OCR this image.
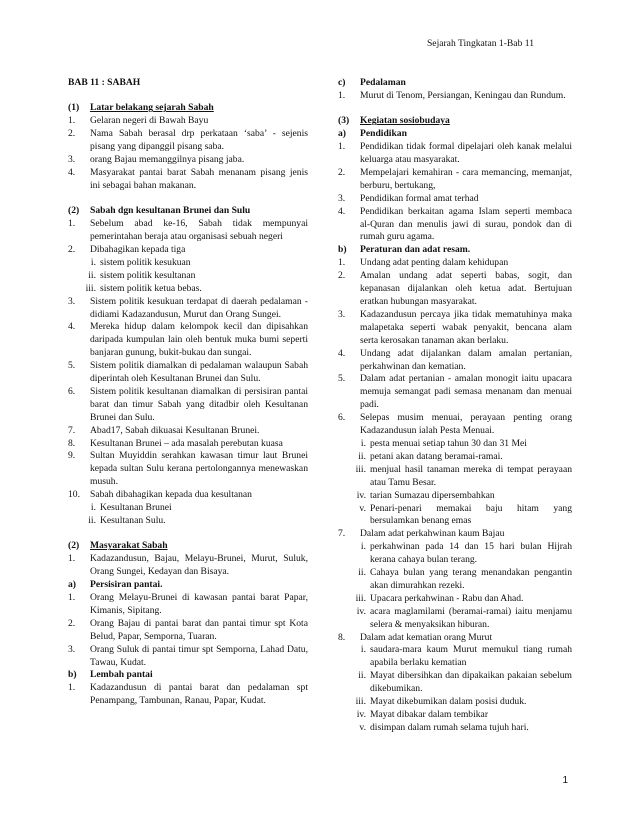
Sejarah Tingkatan 1-Bab 11
BAB 11 : SABAH
(1)	Latar belakang sejarah Sabah
1.	Gelaran negeri di Bawah Bayu
2.	Nama Sabah berasal drp perkataan ‘saba’ - sejenis pisang yang dipanggil pisang saba.
3.	orang Bajau memanggilnya pisang jaba.
4.	Masyarakat pantai barat Sabah menanam pisang jenis ini sebagai bahan makanan.
(2)	Sabah dgn kesultanan Brunei dan Sulu
1.	Sebelum abad ke-16, Sabah tidak mempunyai pemerintahan beraja atau organisasi sebuah negeri
2.	Dibahagikan kepada tiga
i. sistem politik kesukuan
ii. sistem politik kesultanan
iii. sistem politik ketua bebas.
3.	Sistem politik kesukuan terdapat di daerah pedalaman -didiami Kadazandusun, Murut dan Orang Sungei.
4.	Mereka hidup dalam kelompok kecil dan dipisahkan daripada kumpulan lain oleh bentuk muka bumi seperti banjaran gunung, bukit-bukau dan sungai.
5.	Sistem politik diamalkan di pedalaman walaupun Sabah diperintah oleh Kesultanan Brunei dan Sulu.
6.	Sistem politik kesultanan diamalkan di persisiran pantai barat dan timur Sabah yang ditadbir oleh Kesultanan Brunei dan Sulu.
7.	Abad17, Sabah dikuasai Kesultanan Brunei.
8.	Kesultanan Brunei – ada masalah perebutan kuasa
9.	Sultan Muyiddin serahkan kawasan timur laut Brunei kepada sultan Sulu kerana pertolongannya menewaskan musuh.
10.	Sabah dibahagikan kepada dua kesultanan
i. Kesultanan Brunei
ii. Kesultanan Sulu.
(2)	Masyarakat Sabah
1.	Kadazandusun, Bajau, Melayu-Brunei, Murut, Suluk, Orang Sungei, Kedayan dan Bisaya.
a)	Persisiran pantai.
1.	Orang Melayu-Brunei di kawasan pantai barat Papar, Kimanis, Sipitang.
2.	Orang Bajau di pantai barat dan pantai timur spt Kota Belud, Papar, Semporna, Tuaran.
3.	Orang Suluk di pantai timur spt Semporna, Lahad Datu, Tawau, Kudat.
b)	Lembah pantai
1.	Kadazandusun di pantai barat dan pedalaman spt Penampang, Tambunan, Ranau, Papar, Kudat.
c)	Pedalaman
1.	Murut di Tenom, Persiangan, Keningau dan Rundum.
(3)	Kegiatan sosiobudaya
a)	Pendidikan
1.	Pendidikan tidak formal dipelajari oleh kanak melalui keluarga atau masyarakat.
2.	Mempelajari kemahiran - cara memancing, memanjat, berburu, bertukang,
3.	Pendidikan formal amat terhad
4.	Pendidikan berkaitan agama Islam seperti membaca al-Quran dan menulis jawi di surau, pondok dan di rumah guru agama.
b)	Peraturan dan adat resam.
1.	Undang adat penting dalam kehidupan
2.	Amalan undang adat seperti babas, sogit, dan kepanasan dijalankan oleh ketua adat. Bertujuan eratkan hubungan masyarakat.
3.	Kadazandusun percaya jika tidak mematuhinya maka malapetaka seperti wabak penyakit, bencana alam serta kerosakan tanaman akan berlaku.
4.	Undang adat dijalankan dalam amalan pertanian, perkahwinan dan kematian.
5.	Dalam adat pertanian - amalan monogit iaitu upacara memuja semangat padi semasa menanam dan menuai padi.
6.	Selepas musim menuai, perayaan penting orang Kadazandusun ialah Pesta Menuai.
i. pesta menuai setiap tahun 30 dan 31 Mei
ii. petani akan datang beramai-ramai.
iii. menjual hasil tanaman mereka di tempat perayaan atau Tamu Besar.
iv. tarian Sumazau dipersembahkan
v. Penari-penari memakai baju hitam yang bersulamkan benang emas
7.	Dalam adat perkahwinan kaum Bajau
i. perkahwinan pada 14 dan 15 hari bulan Hijrah kerana cahaya bulan terang.
ii. Cahaya bulan yang terang menandakan pengantin akan dimurahkan rezeki.
iii. Upacara perkahwinan - Rabu dan Ahad.
iv. acara maglamilami (beramai-ramai) iaitu menjamu selera & menyaksikan hiburan.
8.	Dalam adat kematian orang Murut
i. saudara-mara kaum Murut memukul tiang rumah apabila berlaku kematian
ii. Mayat dibersihkan dan dipakaikan pakaian sebelum dikebumikan.
iii. Mayat dikebumikan dalam posisi duduk.
iv. Mayat dibakar dalam tembikar
v. disimpan dalam rumah selama tujuh hari.
1
